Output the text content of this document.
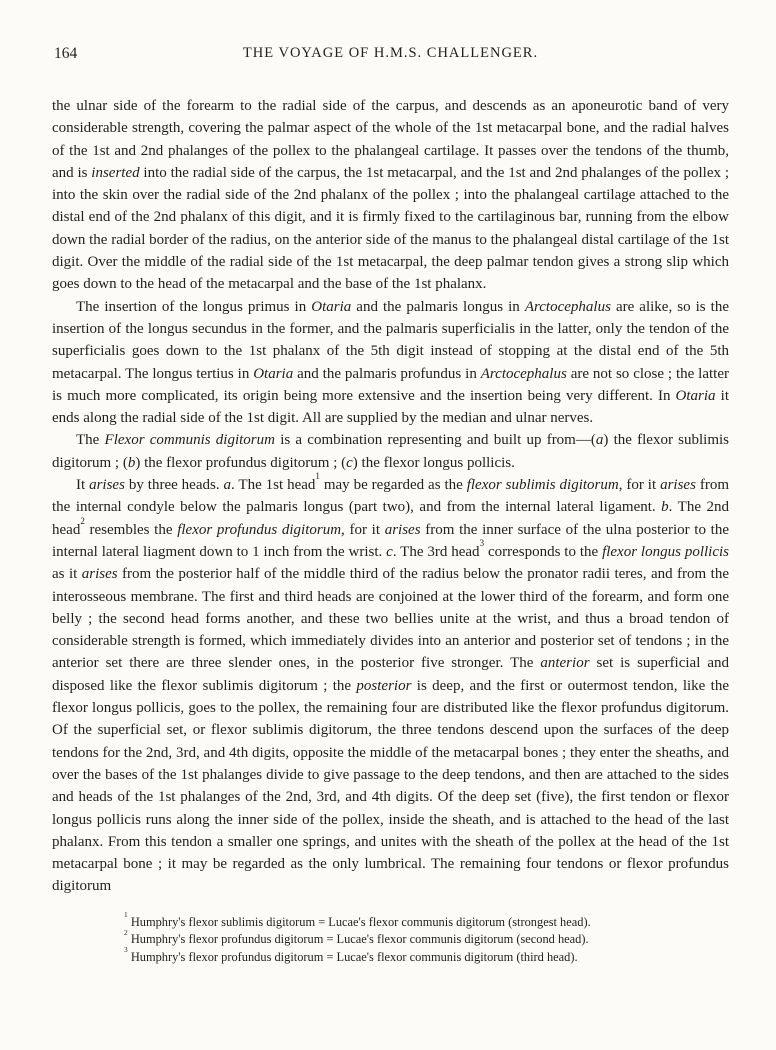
164	THE VOYAGE OF H.M.S. CHALLENGER.

the ulnar side of the forearm to the radial side of the carpus, and descends as an aponeurotic band of very considerable strength, covering the palmar aspect of the whole of the 1st metacarpal bone, and the radial halves of the 1st and 2nd phalanges of the pollex to the phalangeal cartilage. It passes over the tendons of the thumb, and is inserted into the radial side of the carpus, the 1st metacarpal, and the 1st and 2nd phalanges of the pollex ; into the skin over the radial side of the 2nd phalanx of the pollex ; into the phalangeal cartilage attached to the distal end of the 2nd phalanx of this digit, and it is firmly fixed to the cartilaginous bar, running from the elbow down the radial border of the radius, on the anterior side of the manus to the phalangeal distal cartilage of the 1st digit. Over the middle of the radial side of the 1st metacarpal, the deep palmar tendon gives a strong slip which goes down to the head of the metacarpal and the base of the 1st phalanx.

The insertion of the longus primus in Otaria and the palmaris longus in Arctocephalus are alike, so is the insertion of the longus secundus in the former, and the palmaris superficialis in the latter, only the tendon of the superficialis goes down to the 1st phalanx of the 5th digit instead of stopping at the distal end of the 5th metacarpal. The longus tertius in Otaria and the palmaris profundus in Arctocephalus are not so close ; the latter is much more complicated, its origin being more extensive and the insertion being very different. In Otaria it ends along the radial side of the 1st digit. All are supplied by the median and ulnar nerves.

The Flexor communis digitorum is a combination representing and built up from—(a) the flexor sublimis digitorum ; (b) the flexor profundus digitorum ; (c) the flexor longus pollicis.

It arises by three heads. a. The 1st head$^1$ may be regarded as the flexor sublimis digitorum, for it arises from the internal condyle below the palmaris longus (part two), and from the internal lateral ligament. b. The 2nd head$^2$ resembles the flexor profundus digitorum, for it arises from the inner surface of the ulna posterior to the internal lateral liagment down to 1 inch from the wrist. c. The 3rd head$^3$ corresponds to the flexor longus pollicis as it arises from the posterior half of the middle third of the radius below the pronator radii teres, and from the interosseous membrane. The first and third heads are conjoined at the lower third of the forearm, and form one belly ; the second head forms another, and these two bellies unite at the wrist, and thus a broad tendon of considerable strength is formed, which immediately divides into an anterior and posterior set of tendons ; in the anterior set there are three slender ones, in the posterior five stronger. The anterior set is superficial and disposed like the flexor sublimis digitorum ; the posterior is deep, and the first or outermost tendon, like the flexor longus pollicis, goes to the pollex, the remaining four are distributed like the flexor profundus digitorum. Of the superficial set, or flexor sublimis digitorum, the three tendons descend upon the surfaces of the deep tendons for the 2nd, 3rd, and 4th digits, opposite the middle of the metacarpal bones ; they enter the sheaths, and over the bases of the 1st phalanges divide to give passage to the deep tendons, and then are attached to the sides and heads of the 1st phalanges of the 2nd, 3rd, and 4th digits. Of the deep set (five), the first tendon or flexor longus pollicis runs along the inner side of the pollex, inside the sheath, and is attached to the head of the last phalanx. From this tendon a smaller one springs, and unites with the sheath of the pollex at the head of the 1st metacarpal bone ; it may be regarded as the only lumbrical. The remaining four tendons or flexor profundus digitorum

$^1$ Humphry's flexor sublimis digitorum = Lucae's flexor communis digitorum (strongest head).

$^2$ Humphry's flexor profundus digitorum = Lucae's flexor communis digitorum (second head).

$^3$ Humphry's flexor profundus digitorum = Lucae's flexor communis digitorum (third head).
